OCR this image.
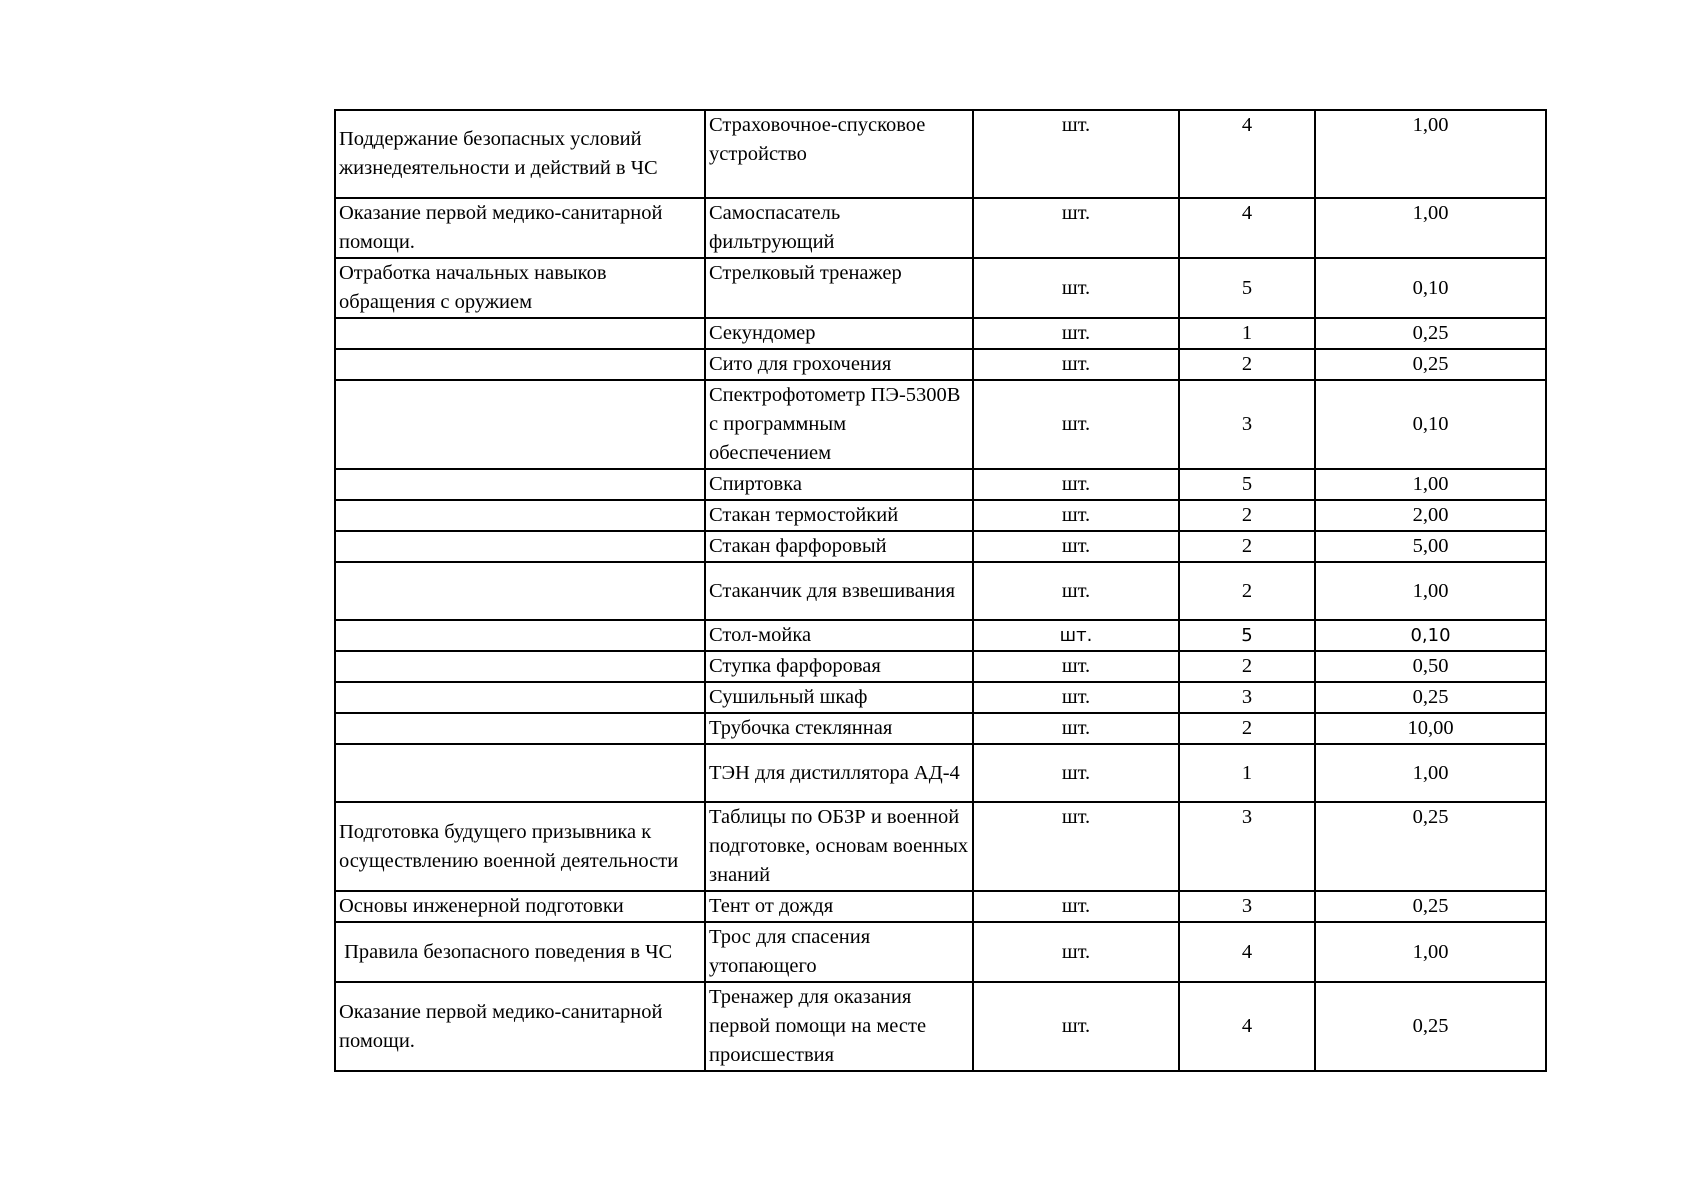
Поддержание безопасных условий жизнедеятельности и действий в ЧС	Страховочное-спусковое устройство	шт.	4	1,00
Оказание первой медико-санитарной помощи.	Самоспасатель фильтрующий	шт.	4	1,00
Отработка начальных навыков обращения с оружием	Стрелковый тренажер	шт.	5	0,10
	Секундомер	шт.	1	0,25
	Сито для грохочения	шт.	2	0,25
	Спектрофотометр ПЭ-5300В с программным обеспечением	шт.	3	0,10
	Спиртовка	шт.	5	1,00
	Стакан термостойкий	шт.	2	2,00
	Стакан фарфоровый	шт.	2	5,00
	Стаканчик для взвешивания	шт.	2	1,00
	Стол-мойка	шт.	5	0,10
	Ступка фарфоровая	шт.	2	0,50
	Сушильный шкаф	шт.	3	0,25
	Трубочка стеклянная	шт.	2	10,00
	ТЭН для дистиллятора АД-4	шт.	1	1,00
Подготовка будущего призывника к осуществлению военной деятельности	Таблицы по ОБЗР и военной подготовке, основам военных знаний	шт.	3	0,25
Основы инженерной подготовки	Тент от дождя	шт.	3	0,25
Правила безопасного поведения в ЧС	Трос для спасения утопающего	шт.	4	1,00
Оказание первой медико-санитарной помощи.	Тренажер для оказания первой помощи на месте происшествия	шт.	4	0,25
